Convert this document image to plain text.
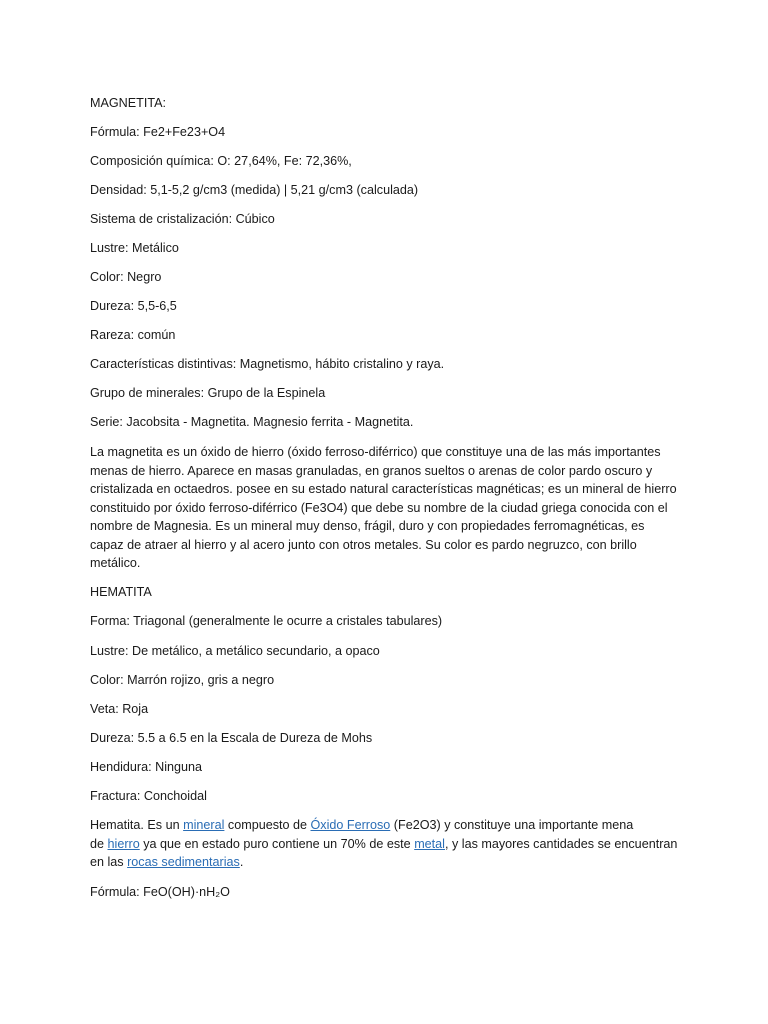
MAGNETITA:

Fórmula: Fe2+Fe23+O4

Composición química: O: 27,64%, Fe: 72,36%,

Densidad: 5,1-5,2 g/cm3 (medida) | 5,21 g/cm3 (calculada)

Sistema de cristalización: Cúbico

Lustre: Metálico

Color: Negro

Dureza: 5,5-6,5

Rareza: común

Características distintivas: Magnetismo, hábito cristalino y raya.

Grupo de minerales: Grupo de la Espinela

Serie: Jacobsita - Magnetita. Magnesio ferrita - Magnetita.

La magnetita es un óxido de hierro (óxido ferroso-diférrico) que constituye una de las más importantes
menas de hierro. Aparece en masas granuladas, en granos sueltos o arenas de color pardo oscuro y
cristalizada en octaedros. posee en su estado natural características magnéticas; es un mineral de hierro
constituido por óxido ferroso-diférrico (Fe3O4) que debe su nombre de la ciudad griega conocida con el
nombre de Magnesia. Es un mineral muy denso, frágil, duro y con propiedades ferromagnéticas, es
capaz de atraer al hierro y al acero junto con otros metales. Su color es pardo negruzco, con brillo
metálico.

HEMATITA

Forma: Triagonal (generalmente le ocurre a cristales tabulares)

Lustre: De metálico, a metálico secundario, a opaco

Color: Marrón rojizo, gris a negro

Veta: Roja

Dureza: 5.5 a 6.5 en la Escala de Dureza de Mohs

Hendidura: Ninguna

Fractura: Conchoidal

Hematita. Es un mineral compuesto de Óxido Ferroso (Fe2O3) y constituye una importante mena
de hierro ya que en estado puro contiene un 70% de este metal, y las mayores cantidades se encuentran
en las rocas sedimentarias.

Fórmula: FeO(OH)·nH₂O
